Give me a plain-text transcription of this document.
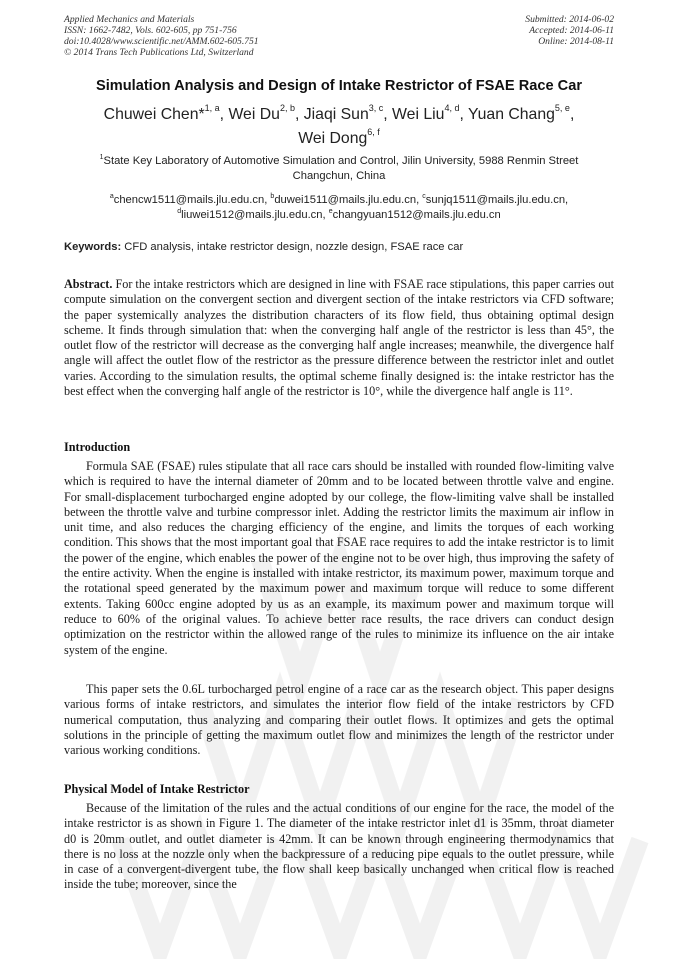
Applied Mechanics and Materials
ISSN: 1662-7482, Vols. 602-605, pp 751-756
doi:10.4028/www.scientific.net/AMM.602-605.751
© 2014 Trans Tech Publications Ltd, Switzerland
Submitted: 2014-06-02
Accepted: 2014-06-11
Online: 2014-08-11
Simulation Analysis and Design of Intake Restrictor of FSAE Race Car
Chuwei Chen*$^{1, a}$, Wei Du$^{2, b}$, Jiaqi Sun$^{3, c}$, Wei Liu$^{4, d}$, Yuan Chang$^{5, e}$,
Wei Dong$^{6, f}$
$^1$State Key Laboratory of Automotive Simulation and Control, Jilin University, 5988 Renmin Street
Changchun, China
$^a$chencw1511@mails.jlu.edu.cn, $^b$duwei1511@mails.jlu.edu.cn, $^c$sunjq1511@mails.jlu.edu.cn,
$^d$liuwei1512@mails.jlu.edu.cn, $^e$changyuan1512@mails.jlu.edu.cn
Keywords: CFD analysis, intake restrictor design, nozzle design, FSAE race car
Abstract. For the intake restrictors which are designed in line with FSAE race stipulations, this paper carries out compute simulation on the convergent section and divergent section of the intake restrictors via CFD software; the paper systemically analyzes the distribution characters of its flow field, thus obtaining optimal design scheme. It finds through simulation that: when the converging half angle of the restrictor is less than 45°, the outlet flow of the restrictor will decrease as the converging half angle increases; meanwhile, the divergence half angle will affect the outlet flow of the restrictor as the pressure difference between the restrictor inlet and outlet varies. According to the simulation results, the optimal scheme finally designed is: the intake restrictor has the best effect when the converging half angle of the restrictor is 10°, while the divergence half angle is 11°.
Introduction
Formula SAE (FSAE) rules stipulate that all race cars should be installed with rounded flow-limiting valve which is required to have the internal diameter of 20mm and to be located between throttle valve and engine. For small-displacement turbocharged engine adopted by our college, the flow-limiting valve shall be installed between the throttle valve and turbine compressor inlet. Adding the restrictor limits the maximum air inflow in unit time, and also reduces the charging efficiency of the engine, and limits the torques of each working condition. This shows that the most important goal that FSAE race requires to add the intake restrictor is to limit the power of the engine, which enables the power of the engine not to be over high, thus improving the safety of the entire activity. When the engine is installed with intake restrictor, its maximum power, maximum torque and the rotational speed generated by the maximum power and maximum torque will reduce to some different extents. Taking 600cc engine adopted by us as an example, its maximum power and maximum torque will reduce to 60% of the original values. To achieve better race results, the race drivers can conduct design optimization on the restrictor within the allowed range of the rules to minimize its influence on the air intake system of the engine.
This paper sets the 0.6L turbocharged petrol engine of a race car as the research object. This paper designs various forms of intake restrictors, and simulates the interior flow field of the intake restrictors by CFD numerical computation, thus analyzing and comparing their outlet flows. It optimizes and gets the optimal solutions in the principle of getting the maximum outlet flow and minimizes the length of the restrictor under various working conditions.
Physical Model of Intake Restrictor
Because of the limitation of the rules and the actual conditions of our engine for the race, the model of the intake restrictor is as shown in Figure 1. The diameter of the intake restrictor inlet d1 is 35mm, throat diameter d0 is 20mm outlet, and outlet diameter is 42mm. It can be known through engineering thermodynamics that there is no loss at the nozzle only when the backpressure of a reducing pipe equals to the outlet pressure, while in case of a convergent-divergent tube, the flow shall keep basically unchanged when critical flow is reached inside the tube; moreover, since the
